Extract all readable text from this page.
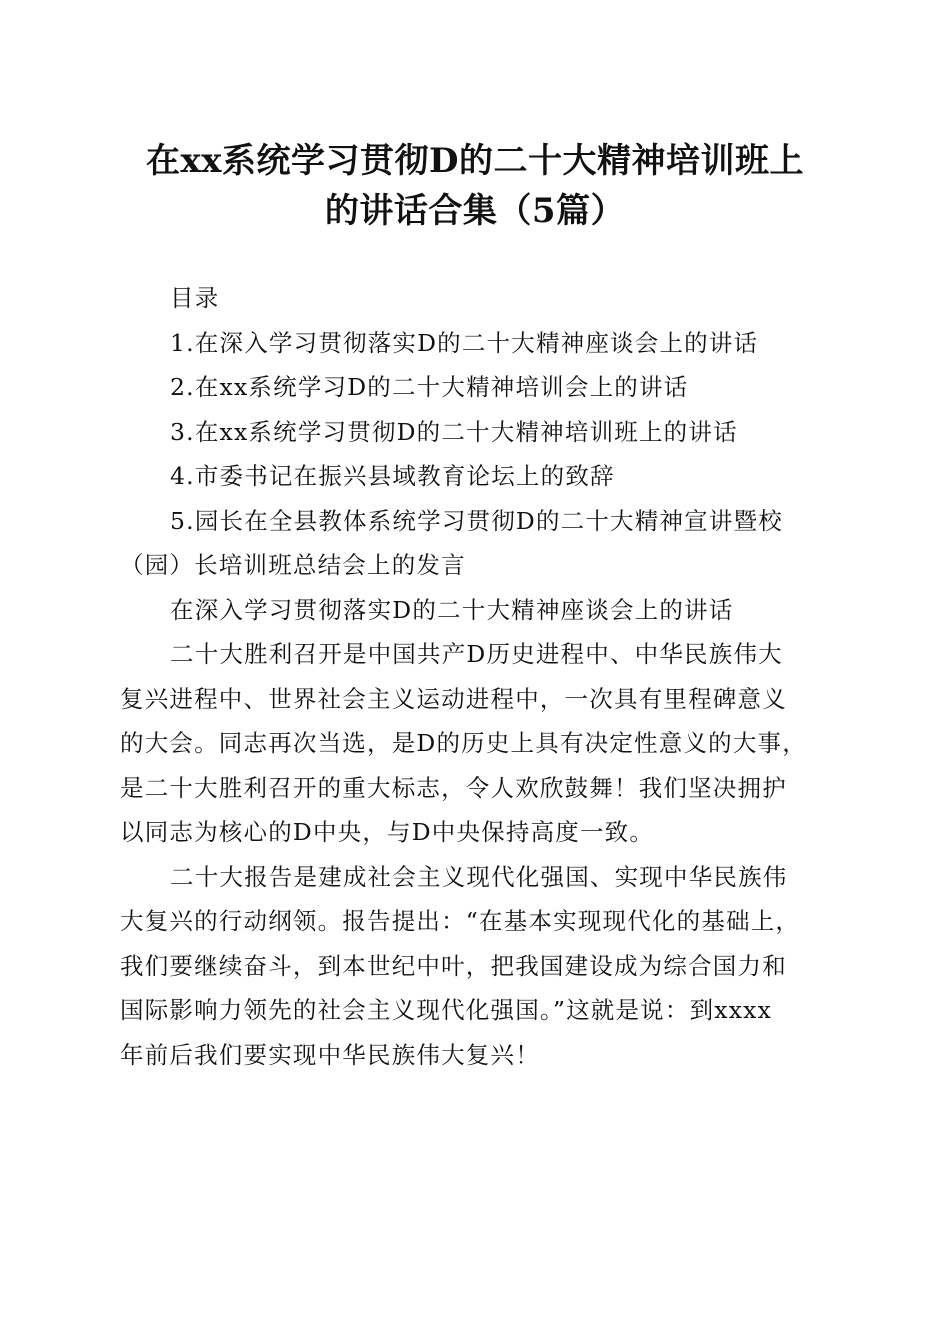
在xx系统学习贯彻D的二十大精神培训班上
的讲话合集（5篇）

目录

1.在深入学习贯彻落实D的二十大精神座谈会上的讲话

2.在xx系统学习D的二十大精神培训会上的讲话

3.在xx系统学习贯彻D的二十大精神培训班上的讲话

4.市委书记在振兴县域教育论坛上的致辞

5.园长在全县教体系统学习贯彻D的二十大精神宣讲暨校
（园）长培训班总结会上的发言

在深入学习贯彻落实D的二十大精神座谈会上的讲话

二十大胜利召开是中国共产D历史进程中、中华民族伟大
复兴进程中、世界社会主义运动进程中，一次具有里程碑意义
的大会。同志再次当选，是D的历史上具有决定性意义的大事，
是二十大胜利召开的重大标志，令人欢欣鼓舞！我们坚决拥护
以同志为核心的D中央，与D中央保持高度一致。

二十大报告是建成社会主义现代化强国、实现中华民族伟
大复兴的行动纲领。报告提出：“在基本实现现代化的基础上，
我们要继续奋斗，到本世纪中叶，把我国建设成为综合国力和
国际影响力领先的社会主义现代化强国。”这就是说：到xxxx
年前后我们要实现中华民族伟大复兴！
